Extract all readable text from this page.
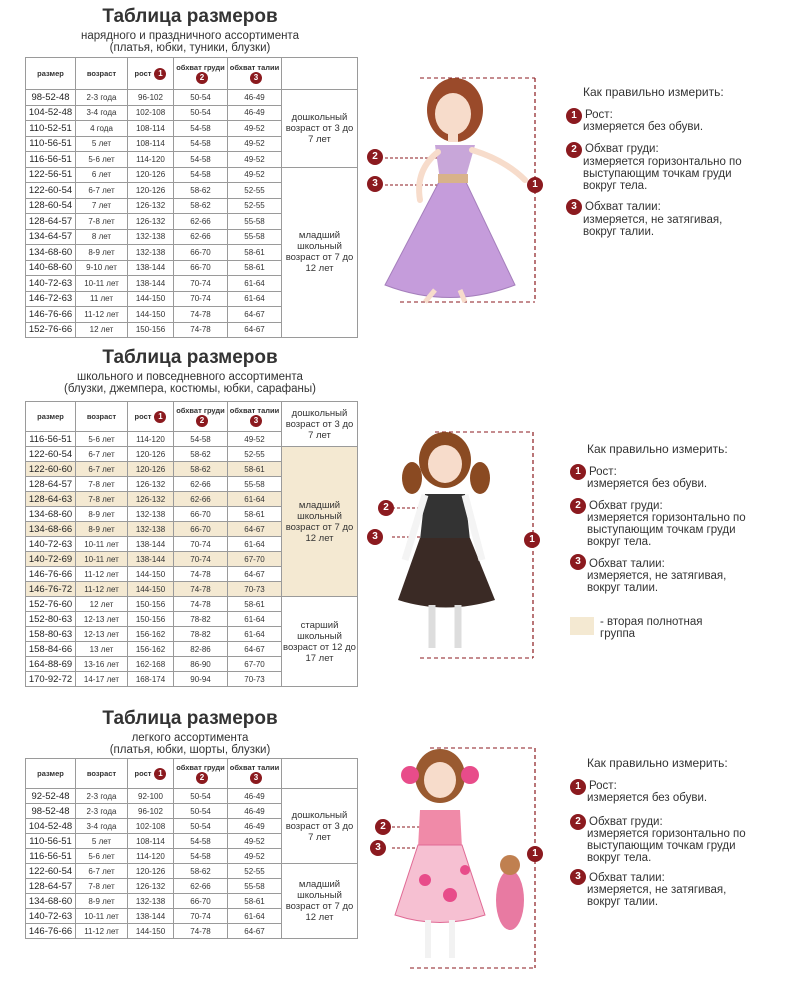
Таблица размеров
нарядного и праздничного ассортимента
(платья, юбки, туники, блузки)
размер	возраст	рост 1	обхват груди2	обхват талии3	
98-52-48	2-3 года	96-102	50-54	46-49	дошкольный возраст от 3 до 7 лет
104-52-48	3-4 года	102-108	50-54	46-49	
110-52-51	4 года	108-114	54-58	49-52	
110-56-51	5 лет	108-114	54-58	49-52	
116-56-51	5-6 лет	114-120	54-58	49-52	
122-56-51	6 лет	120-126	54-58	49-52	младший школьный возраст от 7 до 12 лет
122-60-54	6-7 лет	120-126	58-62	52-55	
128-60-54	7 лет	126-132	58-62	52-55	
128-64-57	7-8 лет	126-132	62-66	55-58	
134-64-57	8 лет	132-138	62-66	55-58	
134-68-60	8-9 лет	132-138	66-70	58-61	
140-68-60	9-10 лет	138-144	66-70	58-61	
140-72-63	10-11 лет	138-144	70-74	61-64	
146-72-63	11 лет	144-150	70-74	61-64	
146-76-66	11-12 лет	144-150	74-78	64-67	
152-76-66	12 лет	150-156	74-78	64-67	
Таблица размеров
школьного и повседневного ассортимента
(блузки, джемпера, костюмы, юбки, сарафаны)
размер	возраст	рост 1	обхват груди2	обхват талии3	дошкольный возраст от 3 до 7 лет
116-56-51	5-6 лет	114-120	54-58	49-52	
122-60-54	6-7 лет	120-126	58-62	52-55	младший школьный возраст от 7 до 12 лет
122-60-60	6-7 лет	120-126	58-62	58-61	
128-64-57	7-8 лет	126-132	62-66	55-58	
128-64-63	7-8 лет	126-132	62-66	61-64	
134-68-60	8-9 лет	132-138	66-70	58-61	
134-68-66	8-9 лет	132-138	66-70	64-67	
140-72-63	10-11 лет	138-144	70-74	61-64	
140-72-69	10-11 лет	138-144	70-74	67-70	
146-76-66	11-12 лет	144-150	74-78	64-67	
146-76-72	11-12 лет	144-150	74-78	70-73	
152-76-60	12 лет	150-156	74-78	58-61	старший школьный возраст от 12 до 17 лет
152-80-63	12-13 лет	150-156	78-82	61-64	
158-80-63	12-13 лет	156-162	78-82	61-64	
158-84-66	13 лет	156-162	82-86	64-67	
164-88-69	13-16 лет	162-168	86-90	67-70	
170-92-72	14-17 лет	168-174	90-94	70-73	
Таблица размеров
легкого ассортимента
(платья, юбки, шорты, блузки)
размер	возраст	рост 1	обхват груди2	обхват талии3	
92-52-48	2-3 года	92-100	50-54	46-49	дошкольный возраст от 3 до 7 лет
98-52-48	2-3 года	96-102	50-54	46-49	
104-52-48	3-4 года	102-108	50-54	46-49	
110-56-51	5 лет	108-114	54-58	49-52	
116-56-51	5-6 лет	114-120	54-58	49-52	
122-60-54	6-7 лет	120-126	58-62	52-55	младший школьный возраст от 7 до 12 лет
128-64-57	7-8 лет	126-132	62-66	55-58	
134-68-60	8-9 лет	132-138	66-70	58-61	
140-72-63	10-11 лет	138-144	70-74	61-64	
146-76-66	11-12 лет	144-150	74-78	64-67	
2
3	1
2
3	1
2
3
1
Как правильно измерить:
1 Рост:
измеряется без обуви.
2 Обхват груди:
измеряется горизонтально по выступающим точкам груди вокруг тела.
3 Обхват талии:
измеряется, не затягивая, вокруг талии.
Как правильно измерить:
1 Рост:
измеряется без обуви.
2 Обхват груди:
измеряется горизонтально по выступающим точкам груди вокруг тела.
3 Обхват талии:
измеряется, не затягивая, вокруг талии.
- вторая полнотная группа
Как правильно измерить:
1 Рост:
измеряется без обуви.
2 Обхват груди:
измеряется горизонтально по выступающим точкам груди вокруг тела.
3 Обхват талии:
измеряется, не затягивая, вокруг талии.
